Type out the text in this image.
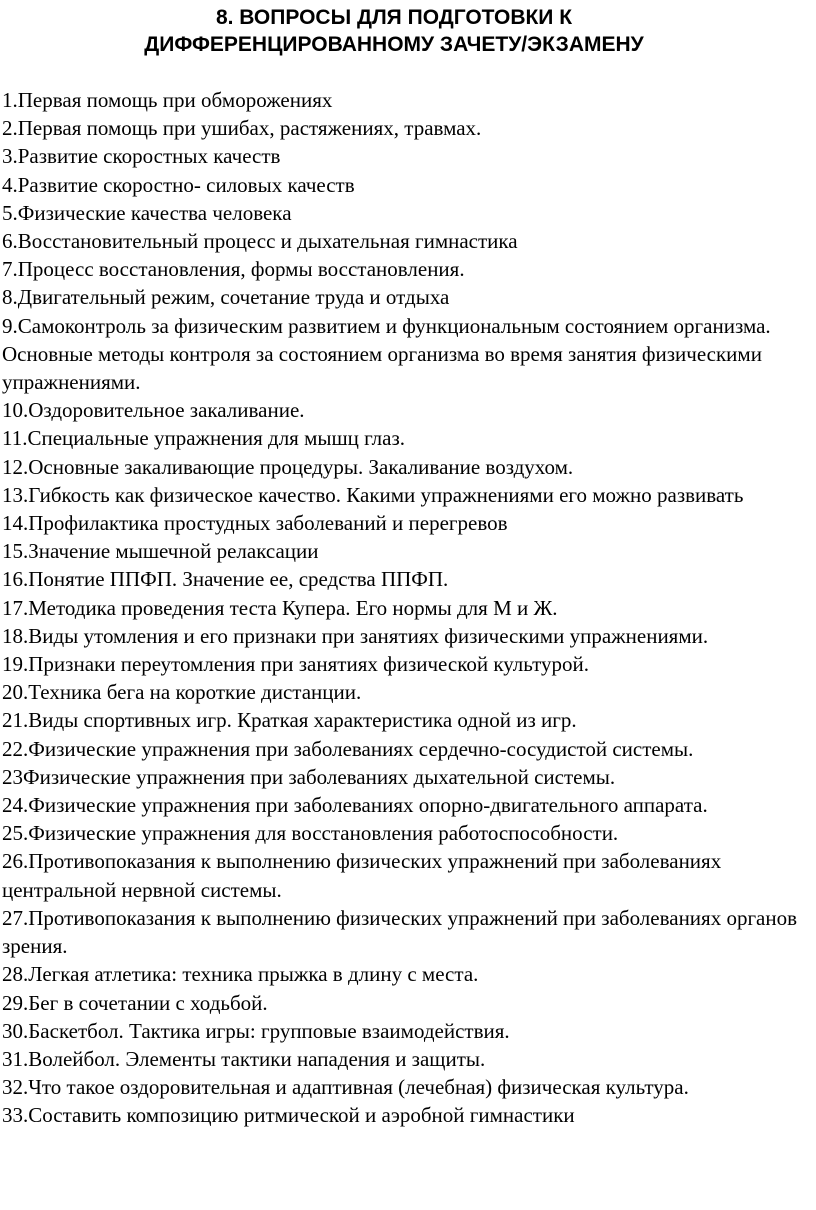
8. ВОПРОСЫ ДЛЯ ПОДГОТОВКИ К
ДИФФЕРЕНЦИРОВАННОМУ ЗАЧЕТУ/ЭКЗАМЕНУ
1.Первая помощь при обморожениях
2.Первая помощь при ушибах, растяжениях, травмах.
3.Развитие скоростных качеств
4.Развитие скоростно- силовых качеств
5.Физические качества человека
6.Восстановительный процесс и дыхательная гимнастика
7.Процесс восстановления, формы восстановления.
8.Двигательный режим, сочетание труда и отдыха
9.Самоконтроль за физическим развитием и функциональным состоянием организма. Основные методы контроля за состоянием организма во время занятия физическими упражнениями.
10.Оздоровительное закаливание.
11.Специальные упражнения для мышц глаз.
12.Основные закаливающие процедуры. Закаливание воздухом.
13.Гибкость как физическое качество. Какими упражнениями его можно развивать
14.Профилактика простудных заболеваний и перегревов
15.Значение мышечной релаксации
16.Понятие ППФП. Значение ее, средства ППФП.
17.Методика проведения теста Купера. Его нормы для М и Ж.
18.Виды утомления и его признаки при занятиях физическими упражнениями.
19.Признаки переутомления при занятиях физической культурой.
20.Техника бега на короткие дистанции.
21.Виды спортивных игр. Краткая характеристика одной из игр.
22.Физические упражнения при заболеваниях сердечно-сосудистой системы.
23Физические упражнения при заболеваниях дыхательной системы.
24.Физические упражнения при заболеваниях опорно-двигательного аппарата.
25.Физические упражнения для восстановления работоспособности.
26.Противопоказания к выполнению физических упражнений при заболеваниях центральной нервной системы.
27.Противопоказания к выполнению физических упражнений при заболеваниях органов зрения.
28.Легкая атлетика: техника прыжка в длину с места.
29.Бег в сочетании с ходьбой.
30.Баскетбол. Тактика игры: групповые взаимодействия.
31.Волейбол. Элементы тактики нападения и защиты.
32.Что такое оздоровительная и адаптивная (лечебная) физическая культура.
33.Составить композицию ритмической и аэробной гимнастики
